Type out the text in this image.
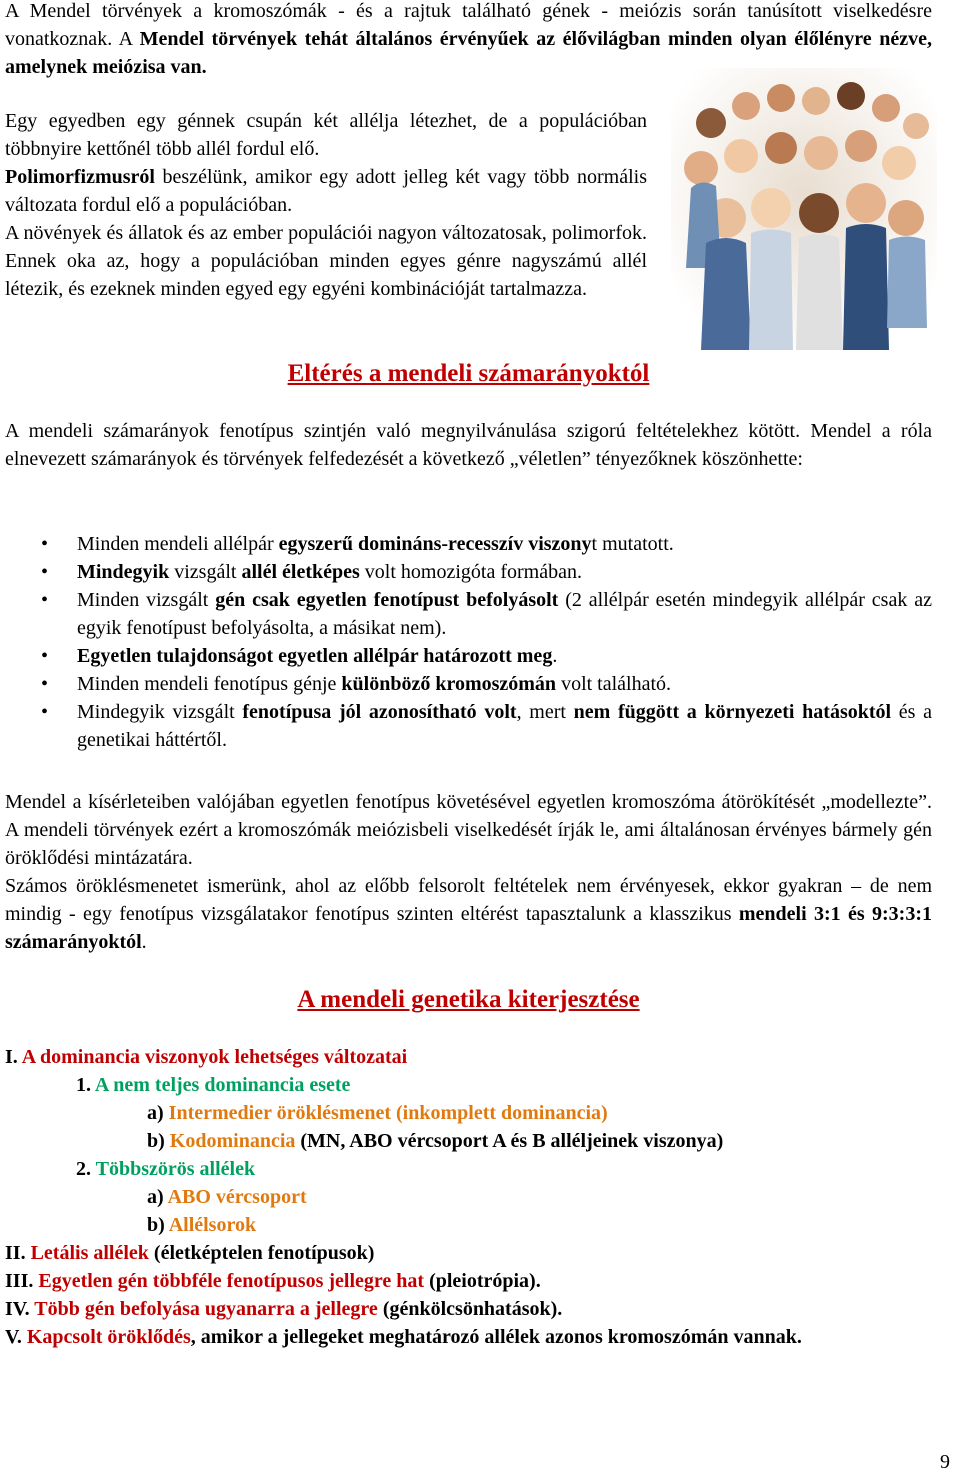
A Mendel törvények a kromoszómák - és a rajtuk található gének - meiózis során tanúsított viselkedésre vonatkoznak. A Mendel törvények tehát általános érvényűek az élővilágban minden olyan élőlényre nézve, amelynek meiózisa van.

Egy egyedben egy génnek csupán két allélja létezhet, de a populációban többnyire kettőnél több allél fordul elő.

Polimorfizmusról beszélünk, amikor egy adott jelleg két vagy több normális változata fordul elő a populációban.

A növények és állatok és az ember populációi nagyon változatosak, polimorfok. Ennek oka az, hogy a populációban minden egyes génre nagyszámú allél létezik, és ezeknek minden egyed egy egyéni kombinációját tartalmazza.

Eltérés a mendeli számarányoktól

A mendeli számarányok fenotípus szintjén való megnyilvánulása szigorú feltételekhez kötött. Mendel a róla elnevezett számarányok és törvények felfedezését a következő „véletlen” tényezőknek köszönhette:

• Minden mendeli allélpár egyszerű domináns-recesszív viszonyt mutatott.
• Mindegyik vizsgált allél életképes volt homozigóta formában.
• Minden vizsgált gén csak egyetlen fenotípust befolyásolt (2 allélpár esetén mindegyik allélpár csak az egyik fenotípust befolyásolta, a másikat nem).
• Egyetlen tulajdonságot egyetlen allélpár határozott meg.
• Minden mendeli fenotípus génje különböző kromoszómán volt található.
• Mindegyik vizsgált fenotípusa jól azonosítható volt, mert nem függött a környezeti hatásoktól és a genetikai háttértől.

Mendel a kísérleteiben valójában egyetlen fenotípus követésével egyetlen kromoszóma átörökítését „modellezte”. A mendeli törvények ezért a kromoszómák meiózisbeli viselkedését írják le, ami általánosan érvényes bármely gén öröklődési mintázatára.

Számos öröklésmenetet ismerünk, ahol az előbb felsorolt feltételek nem érvényesek, ekkor gyakran – de nem mindig - egy fenotípus vizsgálatakor fenotípus szinten eltérést tapasztalunk a klasszikus mendeli 3:1 és 9:3:3:1 számarányoktól.

A mendeli genetika kiterjesztése
I. A dominancia viszonyok lehetséges változatai
1. A nem teljes dominancia esete
a) Intermedier öröklésmenet (inkomplett dominancia)
b) Kodominancia (MN, ABO vércsoport A és B alléljeinek viszonya)
2. Többszörös allélek
a) ABO vércsoport
b) Allélsorok
II. Letális allélek (életképtelen fenotípusok)
III. Egyetlen gén többféle fenotípusos jellegre hat (pleiotrópia).
IV. Több gén befolyása ugyanarra a jellegre (génkölcsönhatások).
V. Kapcsolt öröklődés, amikor a jellegeket meghatározó allélek azonos kromoszómán vannak.
9
